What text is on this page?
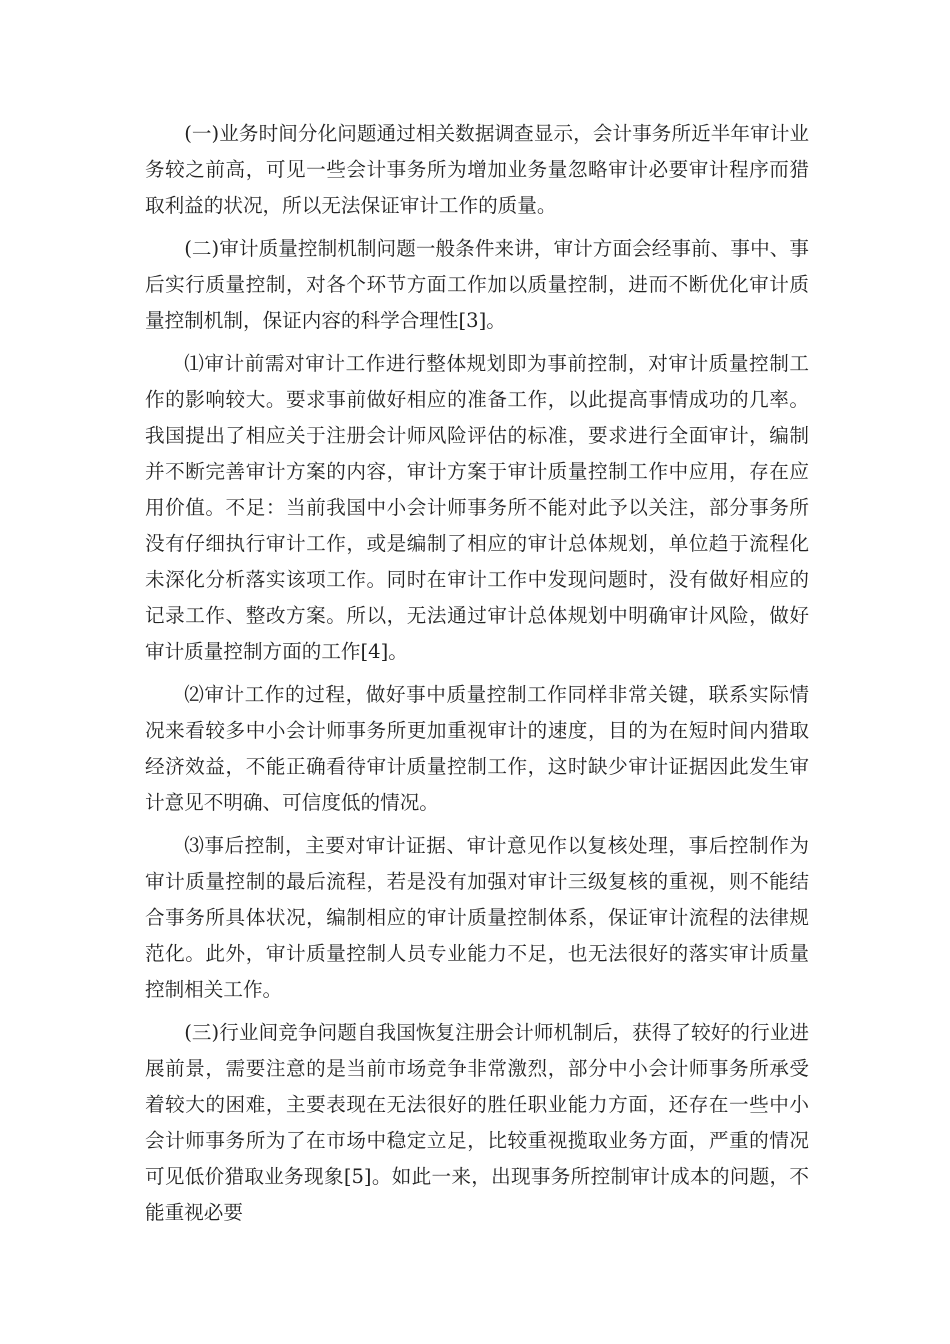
(一)业务时间分化问题通过相关数据调查显示，会计事务所近半年审计业务较之前高，可见一些会计事务所为增加业务量忽略审计必要审计程序而猎取利益的状况，所以无法保证审计工作的质量。

(二)审计质量控制机制问题一般条件来讲，审计方面会经事前、事中、事后实行质量控制，对各个环节方面工作加以质量控制，进而不断优化审计质量控制机制，保证内容的科学合理性[3]。

⑴审计前需对审计工作进行整体规划即为事前控制，对审计质量控制工作的影响较大。要求事前做好相应的准备工作，以此提高事情成功的几率。我国提出了相应关于注册会计师风险评估的标准，要求进行全面审计，编制并不断完善审计方案的内容，审计方案于审计质量控制工作中应用，存在应用价值。不足：当前我国中小会计师事务所不能对此予以关注，部分事务所没有仔细执行审计工作，或是编制了相应的审计总体规划，单位趋于流程化未深化分析落实该项工作。同时在审计工作中发现问题时，没有做好相应的记录工作、整改方案。所以，无法通过审计总体规划中明确审计风险，做好审计质量控制方面的工作[4]。

⑵审计工作的过程，做好事中质量控制工作同样非常关键，联系实际情况来看较多中小会计师事务所更加重视审计的速度，目的为在短时间内猎取经济效益，不能正确看待审计质量控制工作，这时缺少审计证据因此发生审计意见不明确、可信度低的情况。

⑶事后控制，主要对审计证据、审计意见作以复核处理，事后控制作为审计质量控制的最后流程，若是没有加强对审计三级复核的重视，则不能结合事务所具体状况，编制相应的审计质量控制体系，保证审计流程的法律规范化。此外，审计质量控制人员专业能力不足，也无法很好的落实审计质量控制相关工作。

(三)行业间竞争问题自我国恢复注册会计师机制后，获得了较好的行业进展前景，需要注意的是当前市场竞争非常激烈，部分中小会计师事务所承受着较大的困难，主要表现在无法很好的胜任职业能力方面，还存在一些中小会计师事务所为了在市场中稳定立足，比较重视揽取业务方面，严重的情况可见低价猎取业务现象[5]。如此一来，出现事务所控制审计成本的问题，不能重视必要
